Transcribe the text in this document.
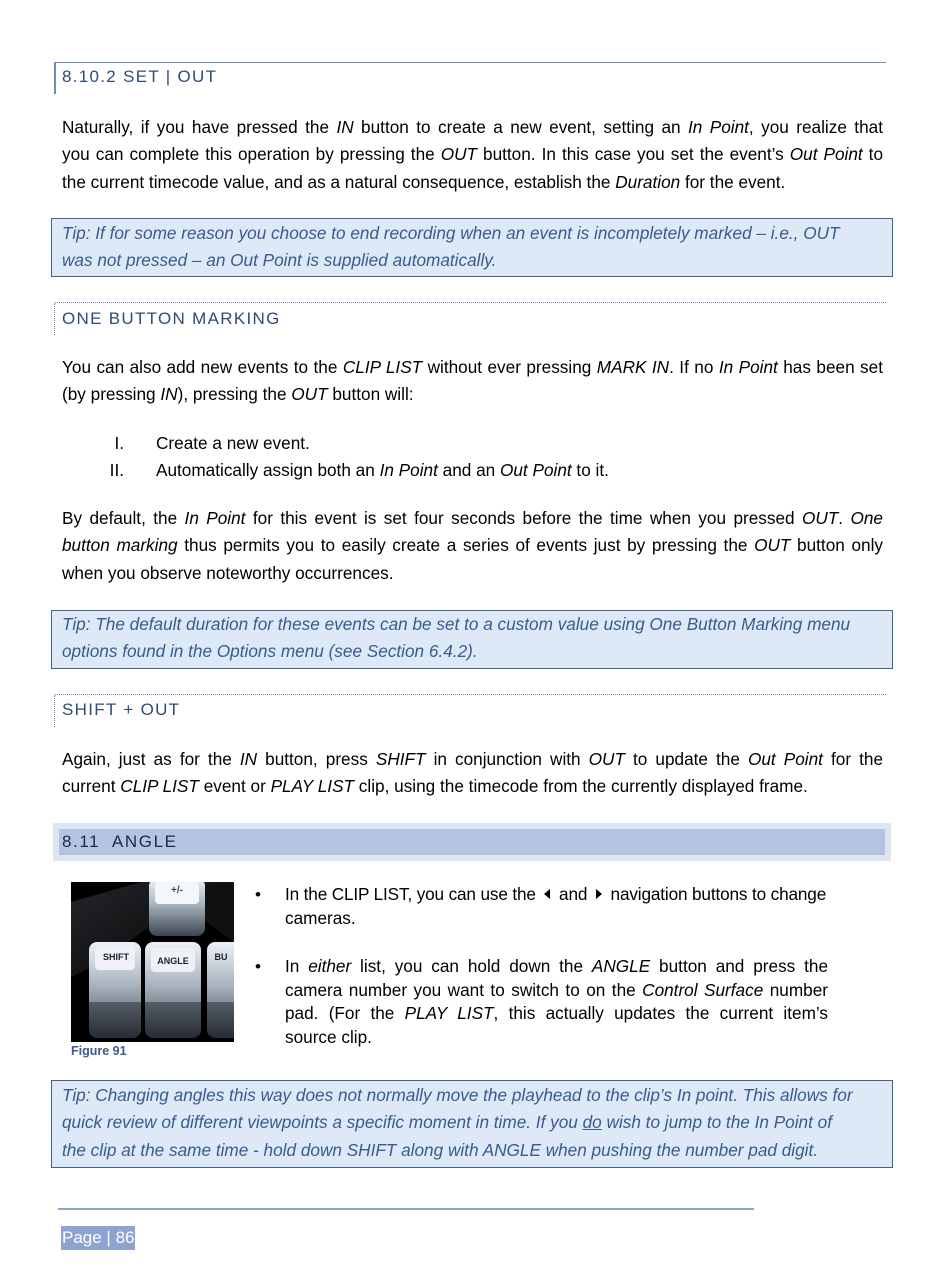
8.10.2 SET | OUT
Naturally, if you have pressed the IN button to create a new event, setting an In Point, you realize that
you can complete this operation by pressing the OUT button. In this case you set the event’s Out Point to
the current timecode value, and as a natural consequence, establish the Duration for the event.
Tip: If for some reason you choose to end recording when an event is incompletely marked – i.e., OUT
was not pressed – an Out Point is supplied automatically.
ONE BUTTON MARKING
You can also add new events to the CLIP LIST without ever pressing MARK IN. If no In Point has been set
(by pressing IN), pressing the OUT button will:
I. Create a new event.
II. Automatically assign both an In Point and an Out Point to it.
By default, the In Point for this event is set four seconds before the time when you pressed OUT. One
button marking thus permits you to easily create a series of events just by pressing the OUT button only
when you observe noteworthy occurrences.
Tip: The default duration for these events can be set to a custom value using One Button Marking menu
options found in the Options menu (see Section 6.4.2).
SHIFT + OUT
Again, just as for the IN button, press SHIFT in conjunction with OUT to update the Out Point for the
current CLIP LIST event or PLAY LIST clip, using the timecode from the currently displayed frame.
8.11  ANGLE
+/-
SHIFT	ANGLE	BU
Figure 91
• In the CLIP LIST, you can use the  and  navigation buttons to change
cameras.
• In either list, you can hold down the ANGLE button and press the
camera number you want to switch to on the Control Surface number
pad. (For the PLAY LIST, this actually updates the current item’s
source clip.
Tip: Changing angles this way does not normally move the playhead to the clip’s In point. This allows for
quick review of different viewpoints a specific moment in time. If you do wish to jump to the In Point of
the clip at the same time - hold down SHIFT along with ANGLE when pushing the number pad digit.
Page | 86
